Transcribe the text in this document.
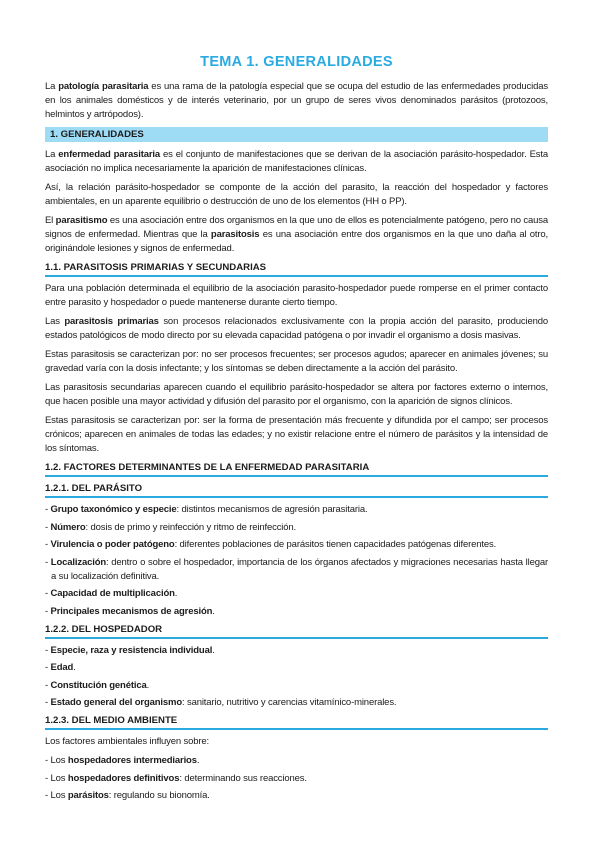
TEMA 1. GENERALIDADES

La patología parasitaria es una rama de la patología especial que se ocupa del estudio de las enfermedades producidas en los animales domésticos y de interés veterinario, por un grupo de seres vivos denominados parásitos (protozoos, helmintos y artrópodos).

1. GENERALIDADES

La enfermedad parasitaria es el conjunto de manifestaciones que se derivan de la asociación parásito-hospedador. Esta asociación no implica necesariamente la aparición de manifestaciones clínicas.

Así, la relación parásito-hospedador se componte de la acción del parasito, la reacción del hospedador y factores ambientales, en un aparente equilibrio o destrucción de uno de los elementos (HH o PP).

El parasitismo es una asociación entre dos organismos en la que uno de ellos es potencialmente patógeno, pero no causa signos de enfermedad. Mientras que la parasitosis es una asociación entre dos organismos en la que uno daña al otro, originándole lesiones y signos de enfermedad.

1.1. PARASITOSIS PRIMARIAS Y SECUNDARIAS

Para una población determinada el equilibrio de la asociación parasito-hospedador puede romperse en el primer contacto entre parasito y hospedador o puede mantenerse durante cierto tiempo.

Las parasitosis primarias son procesos relacionados exclusivamente con la propia acción del parasito, produciendo estados patológicos de modo directo por su elevada capacidad patógena o por invadir el organismo a dosis masivas.

Estas parasitosis se caracterizan por: no ser procesos frecuentes; ser procesos agudos; aparecer en animales jóvenes; su gravedad varía con la dosis infectante; y los síntomas se deben directamente a la acción del parásito.

Las parasitosis secundarias aparecen cuando el equilibrio parásito-hospedador se altera por factores externo o internos, que hacen posible una mayor actividad y difusión del parasito por el organismo, con la aparición de signos clínicos.

Estas parasitosis se caracterizan por: ser la forma de presentación más frecuente y difundida por el campo; ser procesos crónicos; aparecen en animales de todas las edades; y no existir relacione entre el número de parásitos y la intensidad de los síntomas.

1.2. FACTORES DETERMINANTES DE LA ENFERMEDAD PARASITARIA
1.2.1. DEL PARÁSITO

- Grupo taxonómico y especie: distintos mecanismos de agresión parasitaria.

- Número: dosis de primo y reinfección y ritmo de reinfección.

- Virulencia o poder patógeno: diferentes poblaciones de parásitos tienen capacidades patógenas diferentes.

- Localización: dentro o sobre el hospedador, importancia de los órganos afectados y migraciones necesarias hasta llegar a su localización definitiva.

- Capacidad de multiplicación.

- Principales mecanismos de agresión.

1.2.2. DEL HOSPEDADOR

- Especie, raza y resistencia individual.

- Edad.

- Constitución genética.

- Estado general del organismo: sanitario, nutritivo y carencias vitamínico-minerales.

1.2.3. DEL MEDIO AMBIENTE

Los factores ambientales influyen sobre:

- Los hospedadores intermediarios.

- Los hospedadores definitivos: determinando sus reacciones.

- Los parásitos: regulando su bionomía.
